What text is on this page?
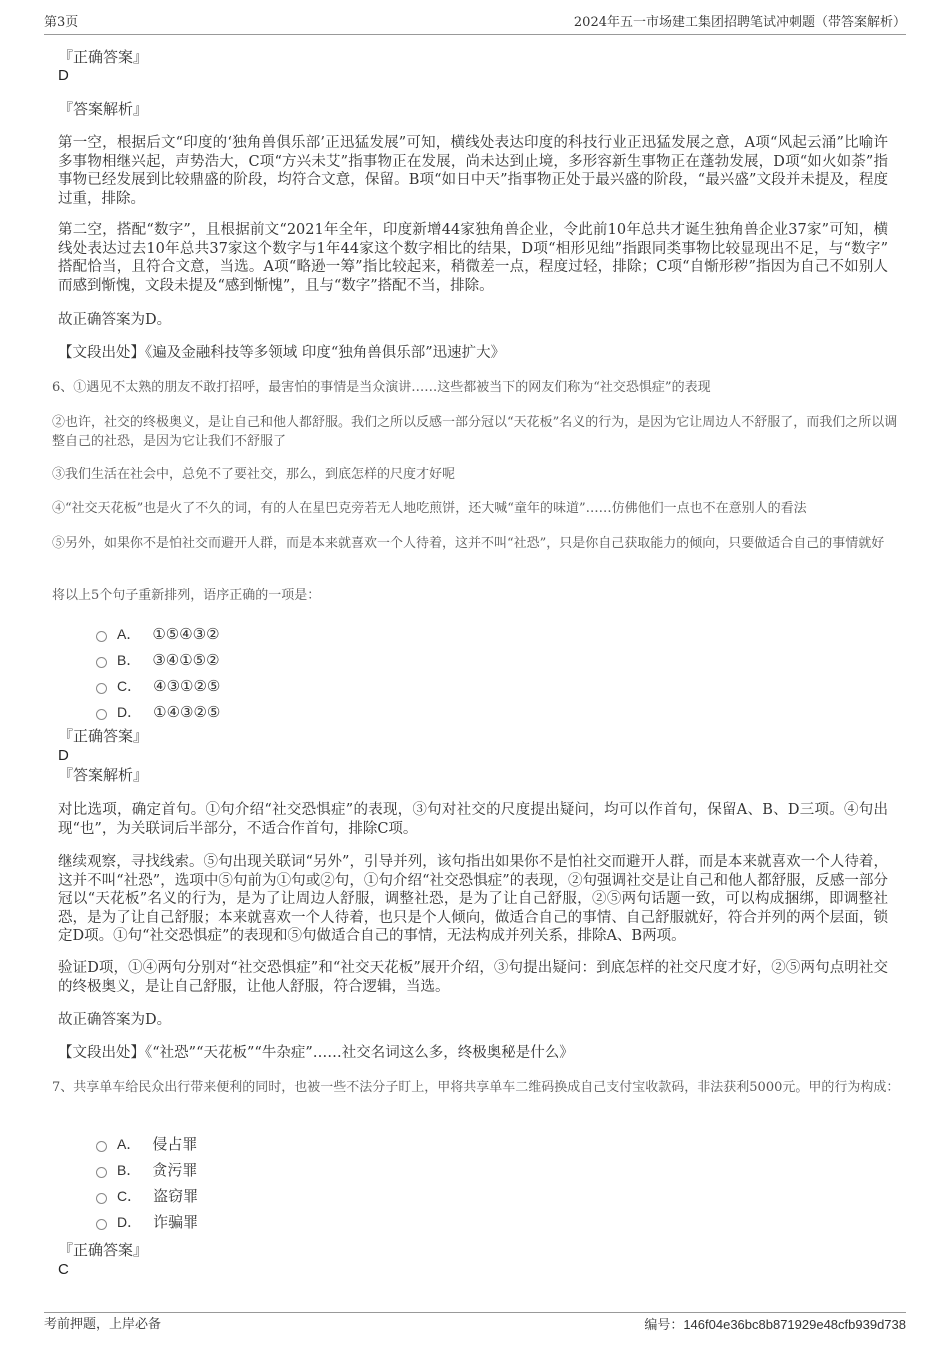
第3页	2024年五一市场建工集团招聘笔试冲刺题（带答案解析）
『正确答案』
D
『答案解析』
第一空，根据后文“印度的‘独角兽俱乐部’正迅猛发展”可知，横线处表达印度的科技行业正迅猛发展之意，A项“风起云涌”比喻许多事物相继兴起，声势浩大，C项“方兴未艾”指事物正在发展，尚未达到止境，多形容新生事物正在蓬勃发展，D项“如火如荼”指事物已经发展到比较鼎盛的阶段，均符合文意，保留。B项“如日中天”指事物正处于最兴盛的阶段，“最兴盛”文段并未提及，程度过重，排除。
第二空，搭配“数字”，且根据前文“2021年全年，印度新增44家独角兽企业，令此前10年总共才诞生独角兽企业37家”可知，横线处表达过去10年总共37家这个数字与1年44家这个数字相比的结果，D项“相形见绌”指跟同类事物比较显现出不足，与“数字” 搭配恰当，且符合文意，当选。A项“略逊一筹”指比较起来，稍微差一点，程度过轻，排除；C项“自惭形秽”指因为自己不如别人而感到惭愧，文段未提及“感到惭愧”，且与“数字”搭配不当，排除。
故正确答案为D。
【文段出处】《遍及金融科技等多领域 印度“独角兽俱乐部”迅速扩大》
6、①遇见不太熟的朋友不敢打招呼，最害怕的事情是当众演讲……这些都被当下的网友们称为“社交恐惧症”的表现
②也许，社交的终极奥义，是让自己和他人都舒服。我们之所以反感一部分冠以“天花板”名义的行为，是因为它让周边人不舒服了，而我们之所以调整自己的社恐，是因为它让我们不舒服了
③我们生活在社会中，总免不了要社交，那么，到底怎样的尺度才好呢
④“社交天花板”也是火了不久的词，有的人在星巴克旁若无人地吃煎饼，还大喊“童年的味道”……仿佛他们一点也不在意别人的看法
⑤另外，如果你不是怕社交而避开人群，而是本来就喜欢一个人待着，这并不叫“社恐”，只是你自己获取能力的倾向，只要做适合自己的事情就好
将以上5个句子重新排列，语序正确的一项是：
A． ①⑤④③②
B． ③④①⑤②
C． ④③①②⑤
D． ①④③②⑤
『正确答案』
D
『答案解析』
对比选项，确定首句。①句介绍“社交恐惧症”的表现，③句对社交的尺度提出疑问，均可以作首句，保留A、B、D三项。④句出现“也”，为关联词后半部分，不适合作首句，排除C项。
继续观察，寻找线索。⑤句出现关联词“另外”，引导并列，该句指出如果你不是怕社交而避开人群，而是本来就喜欢一个人待着，这并不叫“社恐”，选项中⑤句前为①句或②句，①句介绍“社交恐惧症”的表现，②句强调社交是让自己和他人都舒服，反感一部分冠以“天花板”名义的行为，是为了让周边人舒服，调整社恐，是为了让自己舒服，②⑤两句话题一致，可以构成捆绑，即调整社恐，是为了让自己舒服；本来就喜欢一个人待着，也只是个人倾向，做适合自己的事情、自己舒服就好，符合并列的两个层面，锁定D项。①句“社交恐惧症”的表现和⑤句做适合自己的事情，无法构成并列关系，排除A、B两项。
验证D项，①④两句分别对“社交恐惧症”和“社交天花板”展开介绍，③句提出疑问：到底怎样的社交尺度才好，②⑤两句点明社交的终极奥义，是让自己舒服，让他人舒服，符合逻辑，当选。
故正确答案为D。
【文段出处】《“社恐”“天花板”“牛杂症”……社交名词这么多，终极奥秘是什么》
7、共享单车给民众出行带来便利的同时，也被一些不法分子盯上，甲将共享单车二维码换成自己支付宝收款码，非法获利5000元。甲的行为构成：
A． 侵占罪
B． 贪污罪
C． 盗窃罪
D． 诈骗罪
『正确答案』
C
考前押题，上岸必备	编号：146f04e36bc8b871929e48cfb939d738
